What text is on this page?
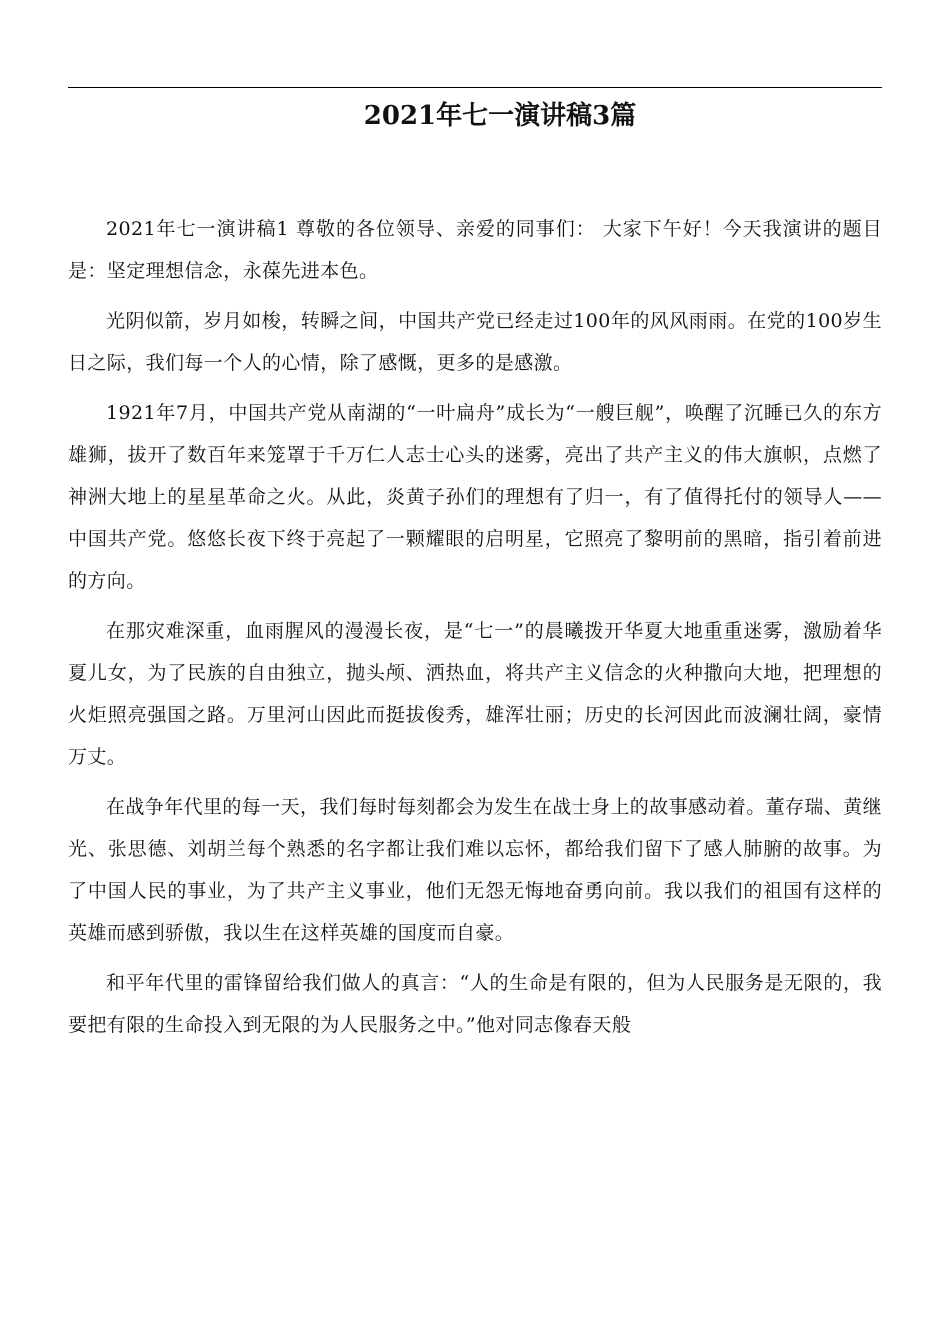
2021年七一演讲稿3篇

2021年七一演讲稿1 尊敬的各位领导、亲爱的同事们： 大家下午好！今天我演讲的题目是：坚定理想信念，永葆先进本色。

光阴似箭，岁月如梭，转瞬之间，中国共产党已经走过100年的风风雨雨。在党的100岁生日之际，我们每一个人的心情，除了感慨，更多的是感激。

1921年7月，中国共产党从南湖的“一叶扁舟”成长为“一艘巨舰”，唤醒了沉睡已久的东方雄狮，拔开了数百年来笼罩于千万仁人志士心头的迷雾，亮出了共产主义的伟大旗帜，点燃了神洲大地上的星星革命之火。从此，炎黄子孙们的理想有了归一，有了值得托付的领导人——中国共产党。悠悠长夜下终于亮起了一颗耀眼的启明星，它照亮了黎明前的黑暗，指引着前进的方向。

在那灾难深重，血雨腥风的漫漫长夜，是“七一”的晨曦拨开华夏大地重重迷雾，激励着华夏儿女，为了民族的自由独立，抛头颅、洒热血，将共产主义信念的火种撒向大地，把理想的火炬照亮强国之路。万里河山因此而挺拔俊秀，雄浑壮丽；历史的长河因此而波澜壮阔，豪情万丈。

在战争年代里的每一天，我们每时每刻都会为发生在战士身上的故事感动着。董存瑞、黄继光、张思德、刘胡兰每个熟悉的名字都让我们难以忘怀，都给我们留下了感人肺腑的故事。为了中国人民的事业，为了共产主义事业，他们无怨无悔地奋勇向前。我以我们的祖国有这样的英雄而感到骄傲，我以生在这样英雄的国度而自豪。

和平年代里的雷锋留给我们做人的真言：“人的生命是有限的，但为人民服务是无限的，我要把有限的生命投入到无限的为人民服务之中。”他对同志像春天般
